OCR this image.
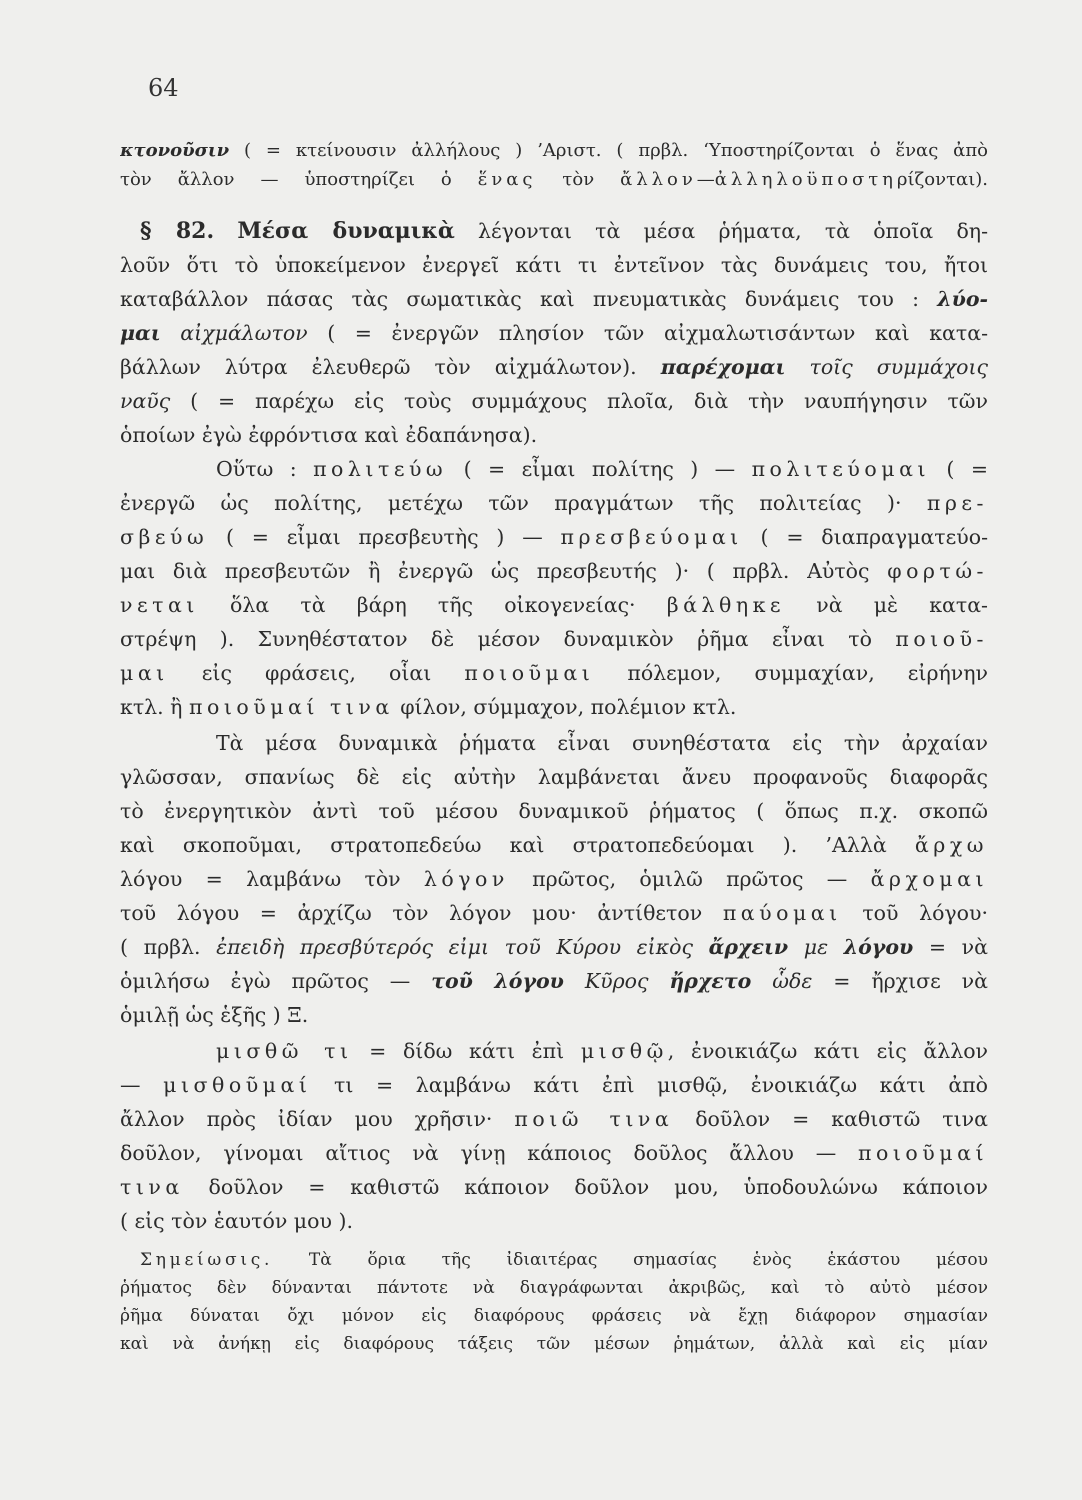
64
κτονοῦσιν ( = κτείνουσιν ἀλλήλους ) ’Αριστ. ( πρβλ. ‘Υποστηρίζονται ὁ ἕνας ἀπὸ
τὸν ἄλλον — ὑποστηρίζει ὁ ἕνας τὸν ἄλλον—ἀλληλοϋποστηρίζονται).
§ 82. Μέσα δυναμικὰ λέγονται τὰ μέσα ῥήματα, τὰ ὁποῖα δη-
λοῦν ὅτι τὸ ὑποκείμενον ἐνεργεῖ κάτι τι ἐντεῖνον τὰς δυνάμεις του, ἤτοι
καταβάλλον πάσας τὰς σωματικὰς καὶ πνευματικὰς δυνάμεις του : λύο-
μαι αἰχμάλωτον ( = ἐνεργῶν πλησίον τῶν αἰχμαλωτισάντων καὶ κατα-
βάλλων λύτρα ἐλευθερῶ τὸν αἰχμάλωτον). παρέχομαι τοῖς συμμάχοις
ναῦς ( = παρέχω εἰς τοὺς συμμάχους πλοῖα, διὰ τὴν ναυπήγησιν τῶν
ὁποίων ἐγὼ ἐφρόντισα καὶ ἐδαπάνησα).
Οὕτω : πολιτεύω ( = εἶμαι πολίτης ) — πολιτεύομαι ( =
ἐνεργῶ ὡς πολίτης, μετέχω τῶν πραγμάτων τῆς πολιτείας )· πρε-
σβεύω ( = εἶμαι πρεσβευτὴς ) — πρεσβεύομαι ( = διαπραγματεύο-
μαι διὰ πρεσβευτῶν ἢ ἐνεργῶ ὡς πρεσβευτής )· ( πρβλ. Αὐτὸς φορτώ-
νεται ὅλα τὰ βάρη τῆς οἰκογενείας· βάλθηκε νὰ μὲ κατα-
στρέψη ). Συνηθέστατον δὲ μέσον δυναμικὸν ῥῆμα εἶναι τὸ ποιοῦ-
μαι εἰς φράσεις, οἷαι ποιοῦμαι πόλεμον, συμμαχίαν, εἰρήνην
κτλ. ἢ ποιοῦμαί τινα φίλον, σύμμαχον, πολέμιον κτλ.
Τὰ μέσα δυναμικὰ ῥήματα εἶναι συνηθέστατα εἰς τὴν ἀρχαίαν
γλῶσσαν, σπανίως δὲ εἰς αὐτὴν λαμβάνεται ἄνευ προφανοῦς διαφορᾶς
τὸ ἐνεργητικὸν ἀντὶ τοῦ μέσου δυναμικοῦ ῥήματος ( ὅπως π.χ. σκοπῶ
καὶ σκοποῦμαι, στρατοπεδεύω καὶ στρατοπεδεύομαι ). ’Αλλὰ ἄρχω
λόγου = λαμβάνω τὸν λόγον πρῶτος, ὁμιλῶ πρῶτος — ἄρχομαι
τοῦ λόγου = ἀρχίζω τὸν λόγον μου· ἀντίθετον παύομαι τοῦ λόγου·
( πρβλ. ἐπειδὴ πρεσβύτερός εἰμι τοῦ Κύρου εἰκὸς ἄρχειν με λόγου = νὰ
ὁμιλήσω ἐγὼ πρῶτος — τοῦ λόγου Κῦρος ἤρχετο ὧδε = ἤρχισε νὰ
ὁμιλῇ ὡς ἑξῆς ) Ξ.
μισθῶ τι = δίδω κάτι ἐπὶ μισθῷ, ἐνοικιάζω κάτι εἰς ἄλλον
— μισθοῦμαί τι = λαμβάνω κάτι ἐπὶ μισθῷ, ἐνοικιάζω κάτι ἀπὸ
ἄλλον πρὸς ἰδίαν μου χρῆσιν· ποιῶ τινα δοῦλον = καθιστῶ τινα
δοῦλον, γίνομαι αἴτιος νὰ γίνῃ κάποιος δοῦλος ἄλλου — ποιοῦμαί
τινα δοῦλον = καθιστῶ κάποιον δοῦλον μου, ὑποδουλώνω κάποιον
( εἰς τὸν ἑαυτόν μου ).
Σημείωσις. Τὰ ὅρια τῆς ἰδιαιτέρας σημασίας ἑνὸς ἑκάστου μέσου
ῥήματος δὲν δύνανται πάντοτε νὰ διαγράφωνται ἀκριβῶς, καὶ τὸ αὐτὸ μέσον
ῥῆμα δύναται ὄχι μόνον εἰς διαφόρους φράσεις νὰ ἔχῃ διάφορον σημασίαν
καὶ νὰ ἀνήκῃ εἰς διαφόρους τάξεις τῶν μέσων ῥημάτων, ἀλλὰ καὶ εἰς μίαν
